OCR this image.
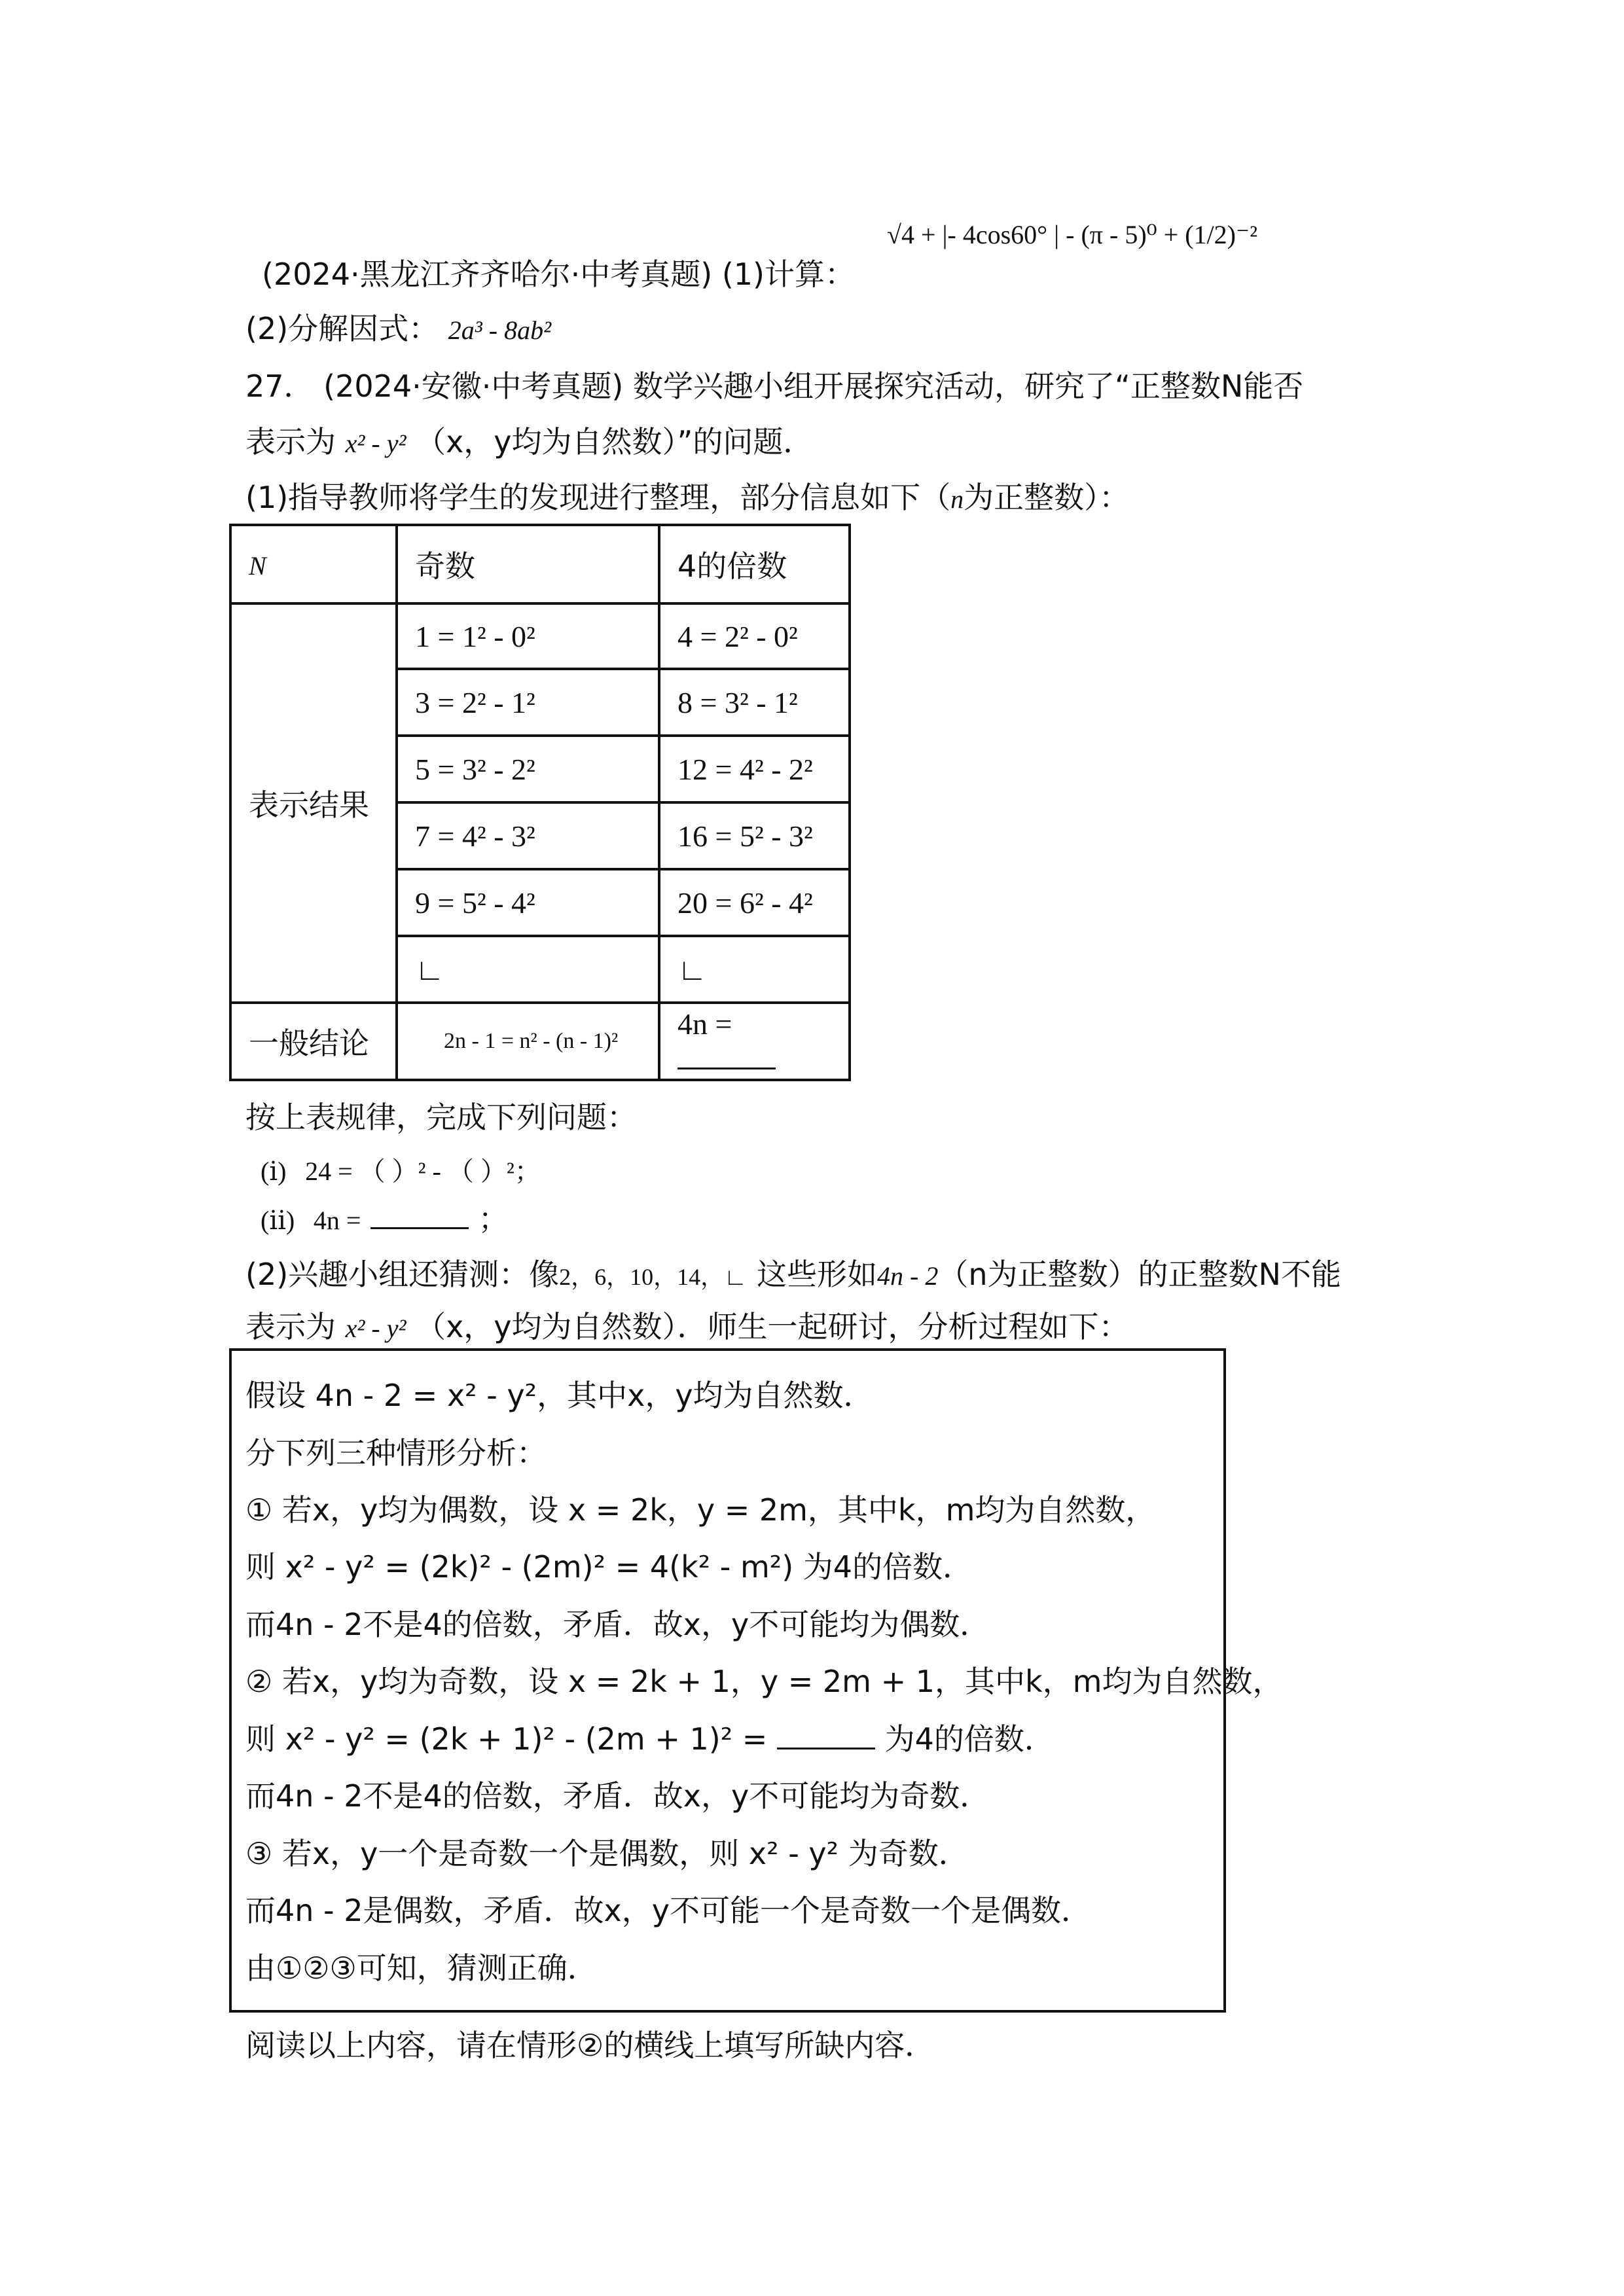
(2024·黑龙江齐齐哈尔·中考真题) (1)计算：
√4 + |- 4cos60° | - (π - 5)⁰ + (1/2)⁻²
(2)分解因式： 2a³ - 8ab²
27． (2024·安徽·中考真题) 数学兴趣小组开展探究活动，研究了“正整数N能否
表示为 x² - y² （x，y均为自然数）”的问题．
(1)指导教师将学生的发现进行整理，部分信息如下（n为正整数）：
N	奇数	4的倍数
表示结果	1 = 1² - 0²	4 = 2² - 0²
	3 = 2² - 1²	8 = 3² - 1²
	5 = 3² - 2²	12 = 4² - 2²
	7 = 4² - 3²	16 = 5² - 3²
	9 = 5² - 4²	20 = 6² - 4²
	∟	∟
一般结论	2n - 1 = n² - (n - 1)²	4n =
按上表规律，完成下列问题：
(ⅰ) 24 = （ ）² - （ ）²；
(ⅱ) 4n =	；
(2)兴趣小组还猜测：像2，6，10，14，∟ 这些形如4n - 2（n为正整数）的正整数N不能
表示为 x² - y² （x，y均为自然数）．师生一起研讨，分析过程如下：
假设 4n - 2 = x² - y²，其中x，y均为自然数．
分下列三种情形分析：
① 若x，y均为偶数，设 x = 2k，y = 2m，其中k，m均为自然数，
则 x² - y² = (2k)² - (2m)² = 4(k² - m²) 为4的倍数．
而4n - 2不是4的倍数，矛盾．故x，y不可能均为偶数．
② 若x，y均为奇数，设 x = 2k + 1，y = 2m + 1，其中k，m均为自然数，
则 x² - y² = (2k + 1)² - (2m + 1)² =	为4的倍数．
而4n - 2不是4的倍数，矛盾．故x，y不可能均为奇数．
③ 若x，y一个是奇数一个是偶数，则 x² - y² 为奇数．
而4n - 2是偶数，矛盾．故x，y不可能一个是奇数一个是偶数．
由①②③可知，猜测正确．
阅读以上内容，请在情形②的横线上填写所缺内容．
